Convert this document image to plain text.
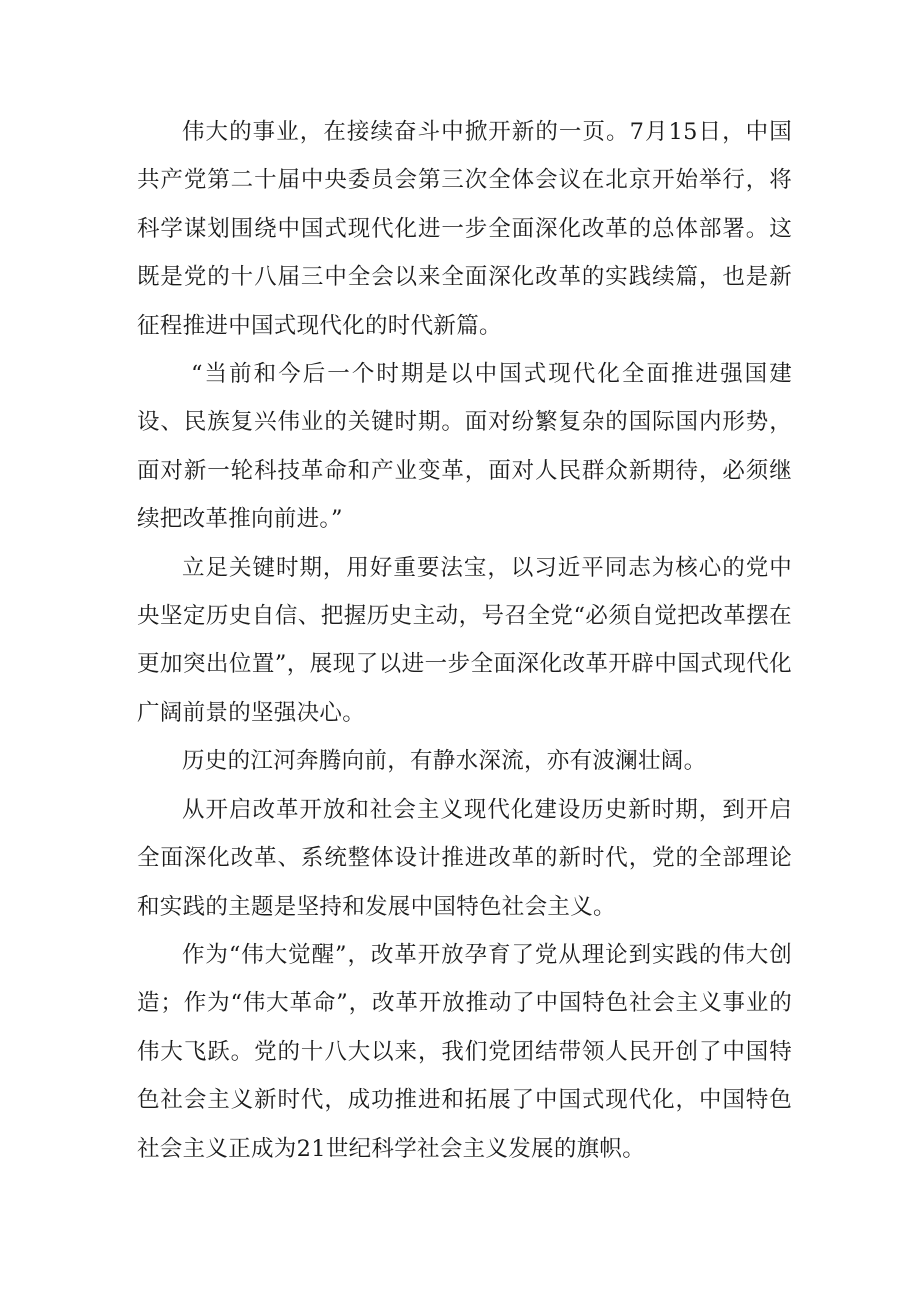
伟大的事业，在接续奋斗中掀开新的一页。7月15日，中国共产党第二十届中央委员会第三次全体会议在北京开始举行，将科学谋划围绕中国式现代化进一步全面深化改革的总体部署。这既是党的十八届三中全会以来全面深化改革的实践续篇，也是新征程推进中国式现代化的时代新篇。

“当前和今后一个时期是以中国式现代化全面推进强国建设、民族复兴伟业的关键时期。面对纷繁复杂的国际国内形势，面对新一轮科技革命和产业变革，面对人民群众新期待，必须继续把改革推向前进。”

立足关键时期，用好重要法宝，以习近平同志为核心的党中央坚定历史自信、把握历史主动，号召全党“必须自觉把改革摆在更加突出位置”，展现了以进一步全面深化改革开辟中国式现代化广阔前景的坚强决心。

历史的江河奔腾向前，有静水深流，亦有波澜壮阔。

从开启改革开放和社会主义现代化建设历史新时期，到开启全面深化改革、系统整体设计推进改革的新时代，党的全部理论和实践的主题是坚持和发展中国特色社会主义。

作为“伟大觉醒”，改革开放孕育了党从理论到实践的伟大创造；作为“伟大革命”，改革开放推动了中国特色社会主义事业的伟大飞跃。党的十八大以来，我们党团结带领人民开创了中国特色社会主义新时代，成功推进和拓展了中国式现代化，中国特色社会主义正成为21世纪科学社会主义发展的旗帜。
